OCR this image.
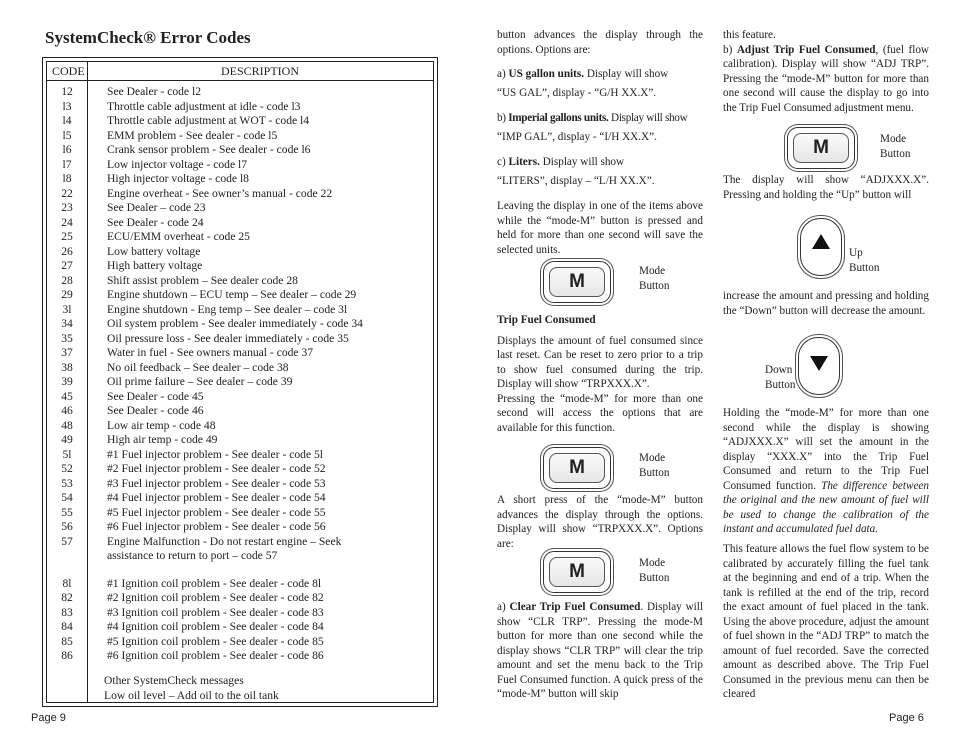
SystemCheck® Error Codes
CODE	DESCRIPTION
12	See Dealer - code l2
l3	Throttle cable adjustment at idle - code l3
l4	Throttle cable adjustment at WOT - code l4
l5	EMM problem - See dealer - code l5
l6	Crank sensor problem - See dealer - code l6
l7	Low injector voltage - code l7
l8	High injector voltage - code l8
22	Engine overheat - See owner’s manual - code 22
23	See Dealer – code 23
24	See Dealer - code 24
25	ECU/EMM overheat - code 25
26	Low battery voltage
27	High battery voltage
28	Shift assist problem – See dealer code 28
29	Engine shutdown – ECU temp – See dealer – code 29
3l	Engine shutdown - Eng temp – See dealer – code 3l
34	Oil system problem - See dealer immediately - code 34
35	Oil pressure loss - See dealer immediately - code 35
37	Water in fuel - See owners manual - code 37
38	No oil feedback – See dealer – code 38
39	Oil prime failure – See dealer – code 39
45	See Dealer - code 45
46	See Dealer - code 46
48	Low air temp - code 48
49	High air temp - code 49
5l	#1 Fuel injector problem - See dealer - code 5l
52	#2 Fuel injector problem - See dealer - code 52
53	#3 Fuel injector problem - See dealer - code 53
54	#4 Fuel injector problem - See dealer - code 54
55	#5 Fuel injector problem - See dealer - code 55
56	#6 Fuel injector problem - See dealer - code 56
57	Engine Malfunction - Do not restart engine – Seek
assistance to return to port – code 57
8l	#1 Ignition coil problem - See dealer - code 8l
82	#2 Ignition coil problem - See dealer - code 82
83	#3 Ignition coil problem - See dealer - code 83
84	#4 Ignition coil problem - See dealer - code 84
85	#5 Ignition coil problem - See dealer - code 85
86	#6 Ignition coil problem - See dealer - code 86
Other SystemCheck messages
Low oil level – Add oil to the oil tank
Page 9

button advances the display through the options. Options are:

a) US gallon units. Display will show

“US GAL”, display - “G/H XX.X”.

b) Imperial gallons units. Display will show

“IMP GAL”, display - “I/H XX.X”.

c) Liters. Display will show

“LITERS”, display – “L/H XX.X”.

Leaving the display in one of the items above while the “mode-M” button is pressed and held for more than one second will save the selected units.

M	Mode
Button

Trip Fuel Consumed

Displays the amount of fuel consumed since last reset. Can be reset to zero prior to a trip to show fuel consumed during the trip. Display will show “TRPXXX.X”.

Pressing the “mode-M” for more than one second will access the options that are available for this function.

M	Mode
Button
A short press of the “mode-M” button advances the display through the options. Display will show “TRPXXX.X”. Options are:
M	Mode
Button
a) Clear Trip Fuel Consumed. Display will show “CLR TRP”. Pressing the mode-M button for more than one second while the display shows “CLR TRP” will clear the trip amount and set the menu back to the Trip Fuel Consumed function. A quick press of the “mode-M” button will skip

this feature.

b) Adjust Trip Fuel Consumed, (fuel flow calibration). Display will show “ADJ TRP”. Pressing the “mode-M” button for more than one second will cause the display to go into the Trip Fuel Consumed adjustment menu.

M	Mode
Button
The display will show “ADJXXX.X”. Pressing and holding the “Up” button will
Up
Button
increase the amount and pressing and holding the “Down” button will decrease the amount.
Down
Button
Holding the “mode-M” for more than one second while the display is showing “ADJXXX.X” will set the amount in the display “XXX.X” into the Trip Fuel Consumed and return to the Trip Fuel Consumed function. The difference between the original and the new amount of fuel will be used to change the calibration of the instant and accumulated fuel data.
This feature allows the fuel flow system to be calibrated by accurately filling the fuel tank at the beginning and end of a trip. When the tank is refilled at the end of the trip, record the exact amount of fuel placed in the tank. Using the above procedure, adjust the amount of fuel shown in the “ADJ TRP” to match the amount of fuel recorded. Save the corrected amount as described above. The Trip Fuel Consumed in the previous menu can then be cleared
Page 6
